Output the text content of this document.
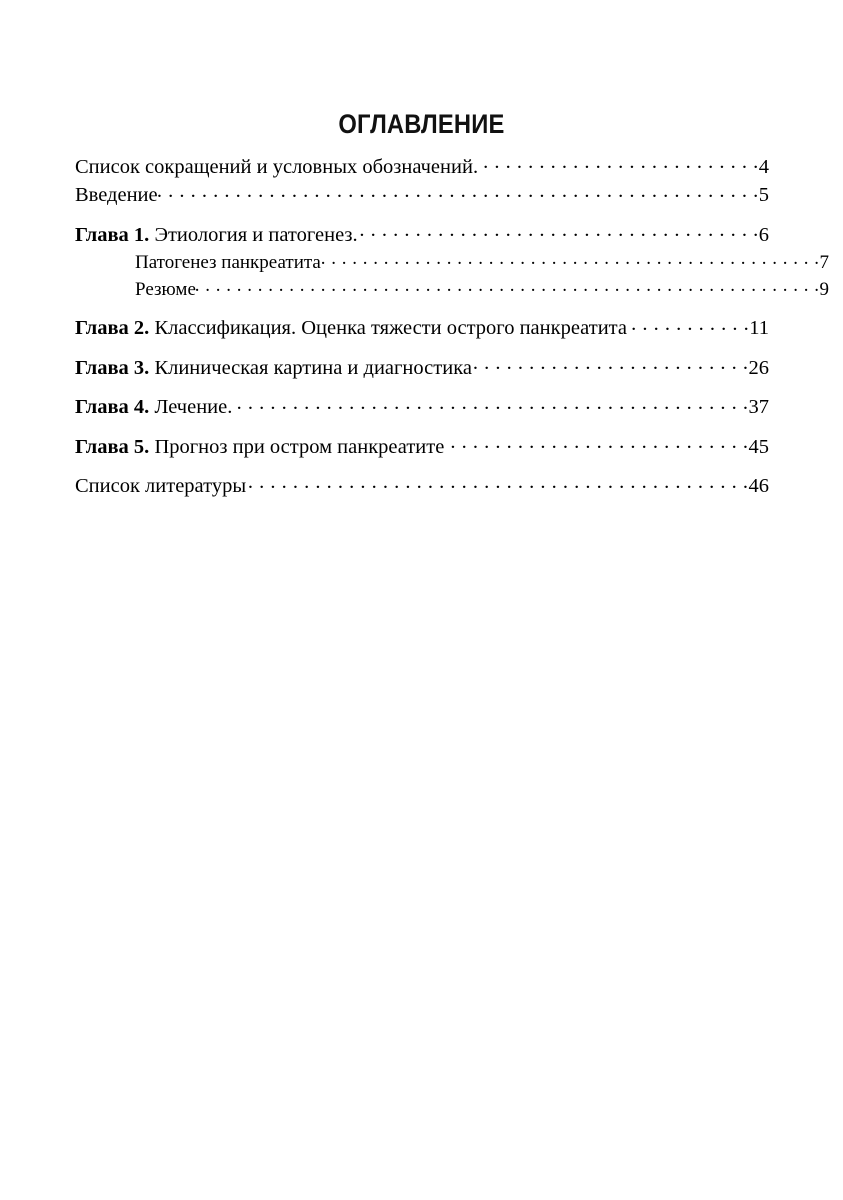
ОГЛАВЛЕНИЕ
Список сокращений и условных обозначений. . . .	4
Введение . . .	5
Глава 1. Этиология и патогенез. . . .	6
Патогенез панкреатита . . .	7
Резюме . . .	9
Глава 2. Классификация. Оценка тяжести острого панкреатита . . .	11
Глава 3. Клиническая картина и диагностика . . .	26
Глава 4. Лечение. . . .	37
Глава 5. Прогноз при остром панкреатите . . .	45
Список литературы . . .	46
